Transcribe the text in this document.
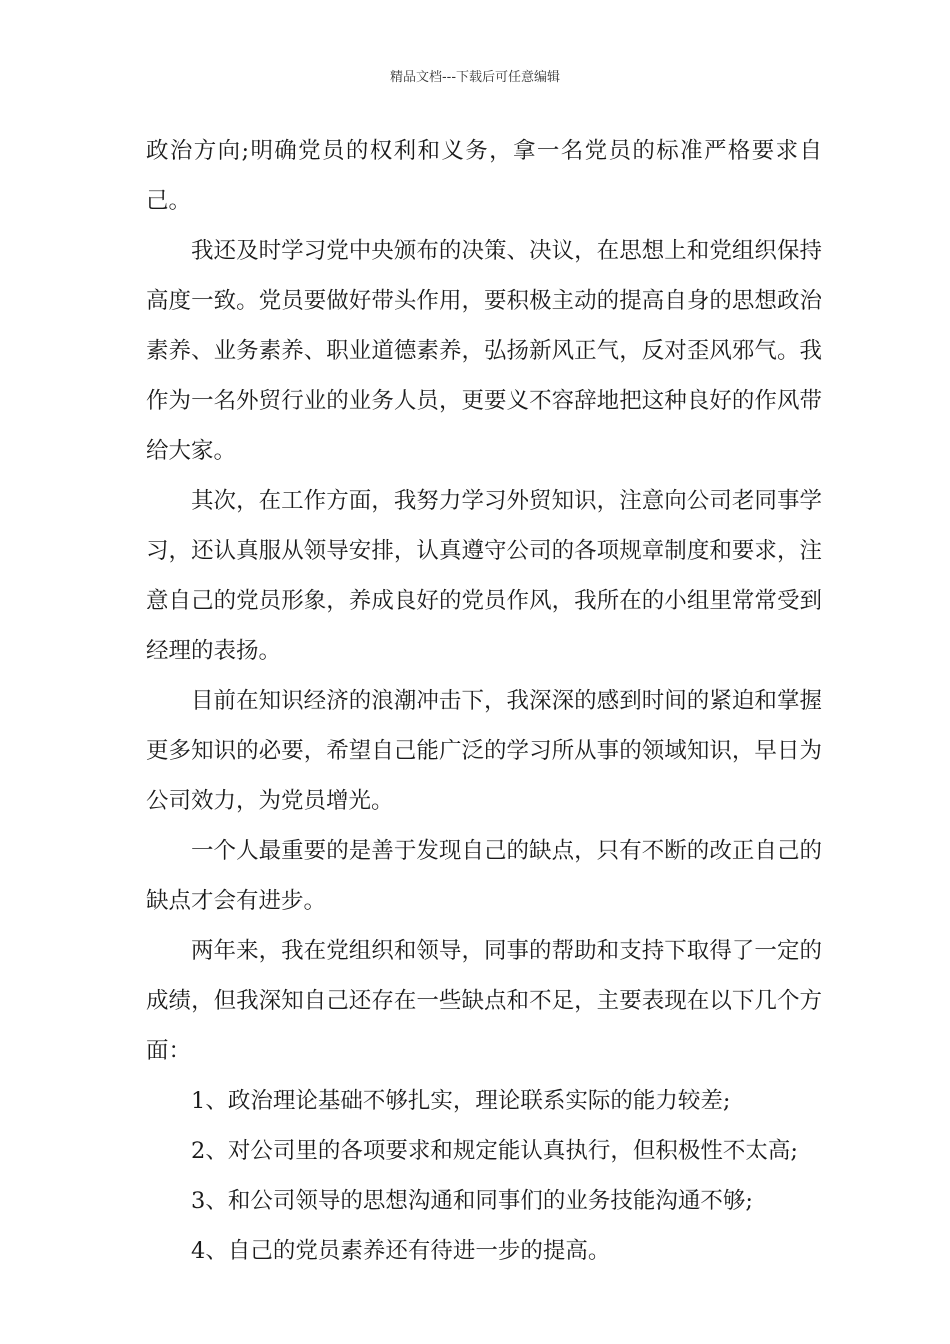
精品文档---下载后可任意编辑

政治方向;明确党员的权利和义务，拿一名党员的标准严格要求自己。

我还及时学习党中央颁布的决策、决议，在思想上和党组织保持高度一致。党员要做好带头作用，要积极主动的提高自身的思想政治素养、业务素养、职业道德素养，弘扬新风正气，反对歪风邪气。我作为一名外贸行业的业务人员，更要义不容辞地把这种良好的作风带给大家。

其次，在工作方面，我努力学习外贸知识，注意向公司老同事学习，还认真服从领导安排，认真遵守公司的各项规章制度和要求，注意自己的党员形象，养成良好的党员作风，我所在的小组里常常受到经理的表扬。

目前在知识经济的浪潮冲击下，我深深的感到时间的紧迫和掌握更多知识的必要，希望自己能广泛的学习所从事的领域知识，早日为公司效力，为党员增光。

一个人最重要的是善于发现自己的缺点，只有不断的改正自己的缺点才会有进步。

两年来，我在党组织和领导，同事的帮助和支持下取得了一定的成绩，但我深知自己还存在一些缺点和不足，主要表现在以下几个方面：

1、政治理论基础不够扎实，理论联系实际的能力较差;

2、对公司里的各项要求和规定能认真执行，但积极性不太高;

3、和公司领导的思想沟通和同事们的业务技能沟通不够;

4、自己的党员素养还有待进一步的提高。
